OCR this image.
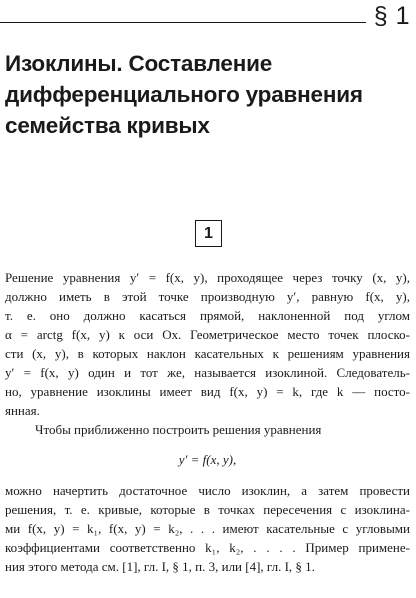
§ 1
Изоклины. Составление дифференциального уравнения семейства кривых
1

Решение уравнения y′ = f(x, y), проходящее через точку (x, y),
должно иметь в этой точке производную y′, равную f(x, y),
т. е. оно должно касаться прямой, наклоненной под углом
α = arctg f(x, y) к оси Ox. Геометрическое место точек плоско-
сти (x, y), в которых наклон касательных к решениям уравнения
y′ = f(x, y) один и тот же, называется изоклиной. Следователь-
но, уравнение изоклины имеет вид f(x, y) = k, где k — посто-
янная.

Чтобы приближенно построить решения уравнения

y′ = f(x, y),

можно начертить достаточное число изоклин, а затем провести
решения, т. е. кривые, которые в точках пересечения с изоклина-
ми f(x, y) = k₁, f(x, y) = k₂, . . . имеют касательные с угловыми
коэффициентами соответственно k₁, k₂, . . . . Пример примене-
ния этого метода см. [1], гл. I, § 1, п. 3, или [4], гл. I, § 1.
